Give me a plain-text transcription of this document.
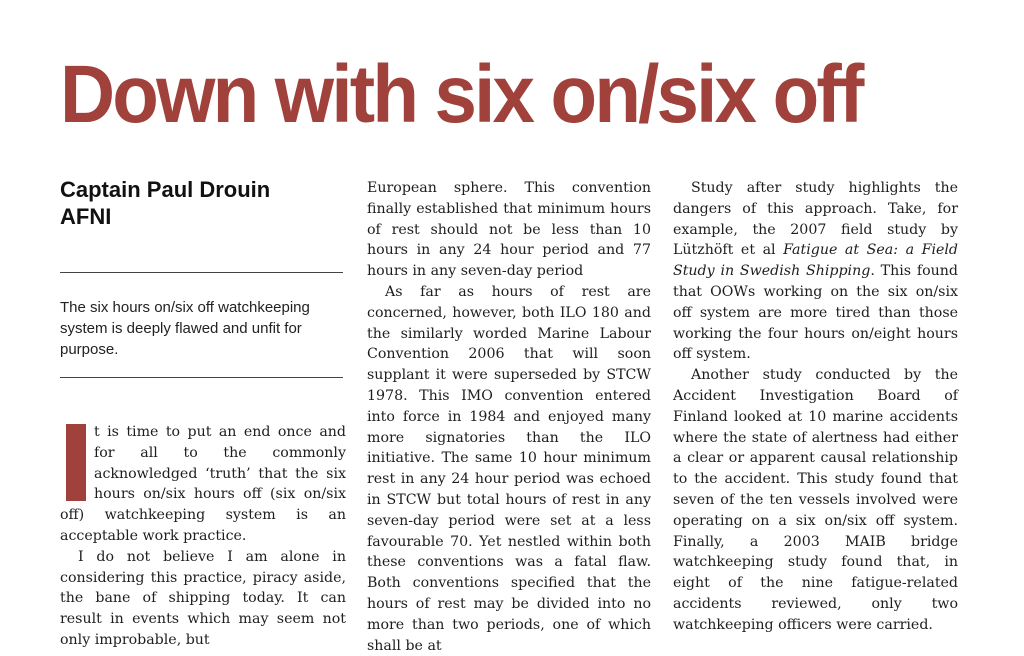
Down with six on/six off
Captain Paul Drouin
AFNI
The six hours on/six off watchkeeping system is deeply flawed and unfit for purpose.

t is time to put an end once and for all to the commonly acknowledged ‘truth’ that the six hours on/six hours off (six on/six off) watchkeeping system is an acceptable work practice.

I do not believe I am alone in considering this practice, piracy aside, the bane of shipping today. It can result in events which may seem not only improbable, but

European sphere. This convention finally established that minimum hours of rest should not be less than 10 hours in any 24 hour period and 77 hours in any seven-day period

As far as hours of rest are concerned, however, both ILO 180 and the similarly worded Marine Labour Convention 2006 that will soon supplant it were superseded by STCW 1978. This IMO convention entered into force in 1984 and enjoyed many more signatories than the ILO initiative. The same 10 hour minimum rest in any 24 hour period was echoed in STCW but total hours of rest in any seven-day period were set at a less favourable 70. Yet nestled within both these conventions was a fatal flaw. Both conventions specified that the hours of rest may be divided into no more than two periods, one of which shall be at

Study after study highlights the dangers of this approach. Take, for example, the 2007 field study by Lützhöft et al Fatigue at Sea: a Field Study in Swedish Shipping. This found that OOWs working on the six on/six off system are more tired than those working the four hours on/eight hours off system.

Another study conducted by the Accident Investigation Board of Finland looked at 10 marine accidents where the state of alertness had either a clear or apparent causal relationship to the accident. This study found that seven of the ten vessels involved were operating on a six on/six off system. Finally, a 2003 MAIB bridge watchkeeping study found that, in eight of the nine fatigue-related accidents reviewed, only two watchkeeping officers were carried.
